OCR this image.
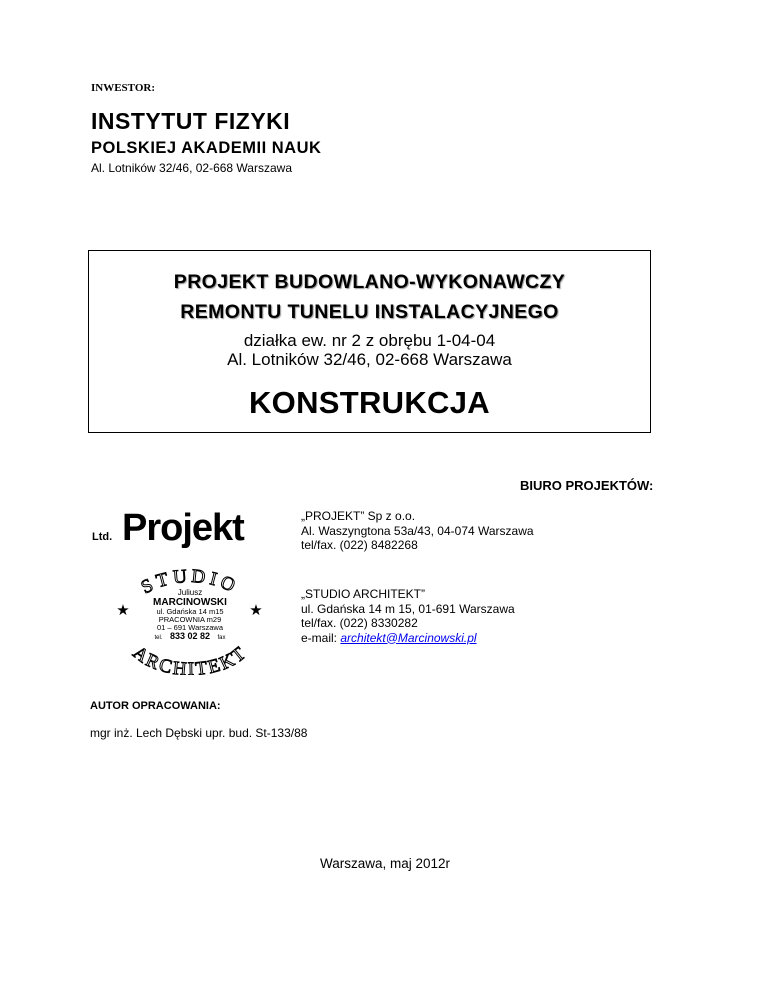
INWESTOR:
INSTYTUT FIZYKI
POLSKIEJ AKADEMII NAUK
Al. Lotników 32/46, 02-668 Warszawa
PROJEKT BUDOWLANO-WYKONAWCZY
REMONTU TUNELU INSTALACYJNEGO
działka ew. nr 2 z obrębu 1-04-04
Al. Lotników 32/46, 02-668 Warszawa
KONSTRUKCJA
BIURO PROJEKTÓW:
Ltd. Projekt
STUDIO
ARCHITEKT
★	★
Juliusz
MARCINOWSKI
ul. Gdańska 14 m15
PRACOWNIA m29
01 – 691 Warszawa
tel. 833 02 82 fax
„PROJEKT” Sp z o.o.
Al. Waszyngtona 53a/43, 04-074 Warszawa
tel/fax. (022) 8482268
„STUDIO ARCHITEKT”
ul. Gdańska 14 m 15, 01-691 Warszawa
tel/fax. (022) 8330282
e-mail: architekt@Marcinowski.pl
AUTOR OPRACOWANIA:
mgr inż. Lech Dębski upr. bud. St-133/88
Warszawa, maj 2012r
